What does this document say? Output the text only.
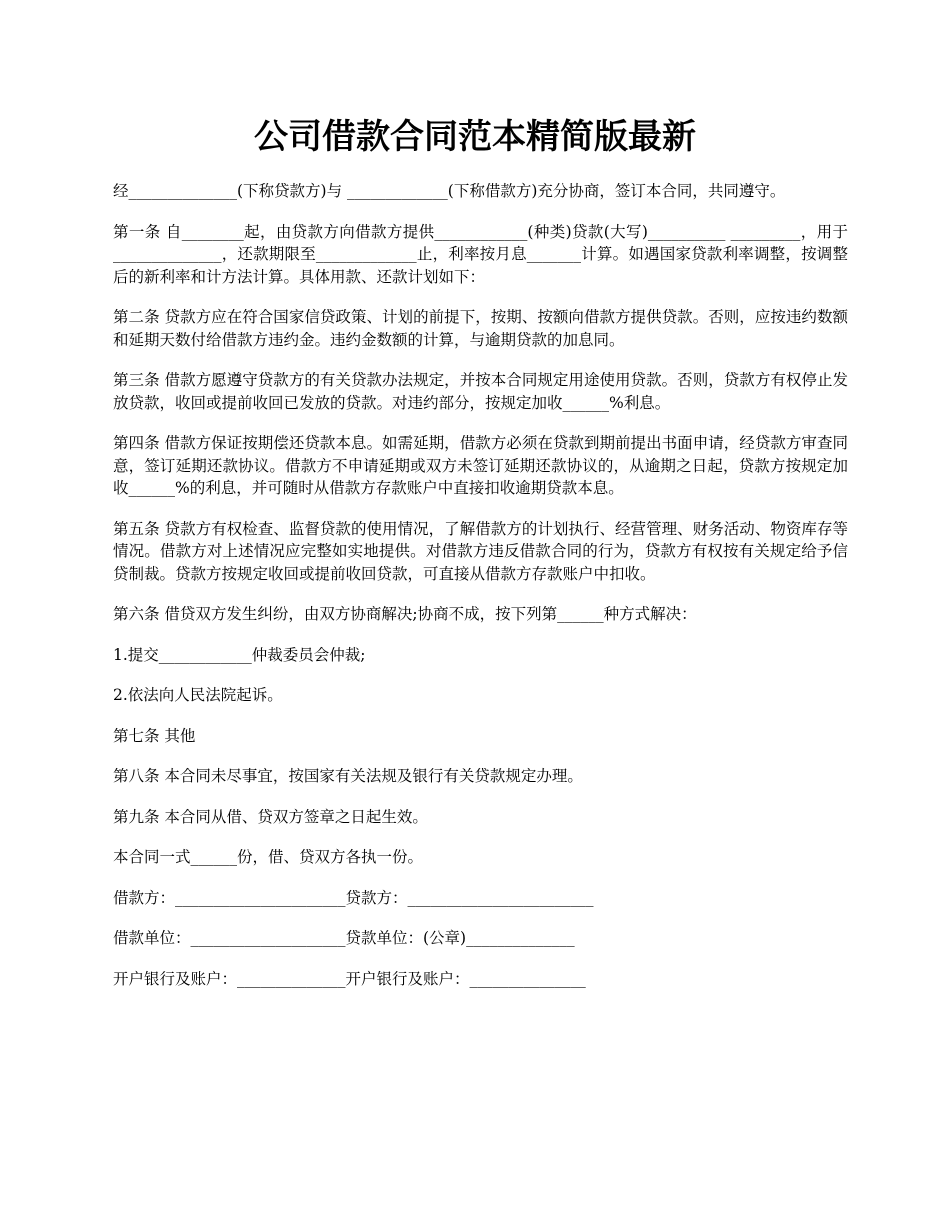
公司借款合同范本精简版最新

经______________(下称贷款方)与 _____________(下称借款方)充分协商，签订本合同，共同遵守。

第一条 自________起，由贷款方向借款方提供____________(种类)贷款(大写)__________ _________，用于______________，还款期限至_____________止，利率按月息_______计算。如遇国家贷款利率调整，按调整后的新利率和计方法计算。具体用款、还款计划如下：

第二条 贷款方应在符合国家信贷政策、计划的前提下，按期、按额向借款方提供贷款。否则，应按违约数额和延期天数付给借款方违约金。违约金数额的计算，与逾期贷款的加息同。

第三条 借款方愿遵守贷款方的有关贷款办法规定，并按本合同规定用途使用贷款。否则，贷款方有权停止发放贷款，收回或提前收回已发放的贷款。对违约部分，按规定加收______%利息。

第四条 借款方保证按期偿还贷款本息。如需延期，借款方必须在贷款到期前提出书面申请，经贷款方审查同意，签订延期还款协议。借款方不申请延期或双方未签订延期还款协议的，从逾期之日起，贷款方按规定加收______%的利息，并可随时从借款方存款账户中直接扣收逾期贷款本息。

第五条 贷款方有权检查、监督贷款的使用情况，了解借款方的计划执行、经营管理、财务活动、物资库存等情况。借款方对上述情况应完整如实地提供。对借款方违反借款合同的行为，贷款方有权按有关规定给予信贷制裁。贷款方按规定收回或提前收回贷款，可直接从借款方存款账户中扣收。

第六条 借贷双方发生纠纷，由双方协商解决;协商不成，按下列第______种方式解决：

1.提交____________仲裁委员会仲裁;

2.依法向人民法院起诉。

第七条 其他

第八条 本合同未尽事宜，按国家有关法规及银行有关贷款规定办理。

第九条 本合同从借、贷双方签章之日起生效。

本合同一式______份，借、贷双方各执一份。

借款方：______________________贷款方：________________________

借款单位：____________________贷款单位：(公章)______________

开户银行及账户：______________开户银行及账户：_______________
